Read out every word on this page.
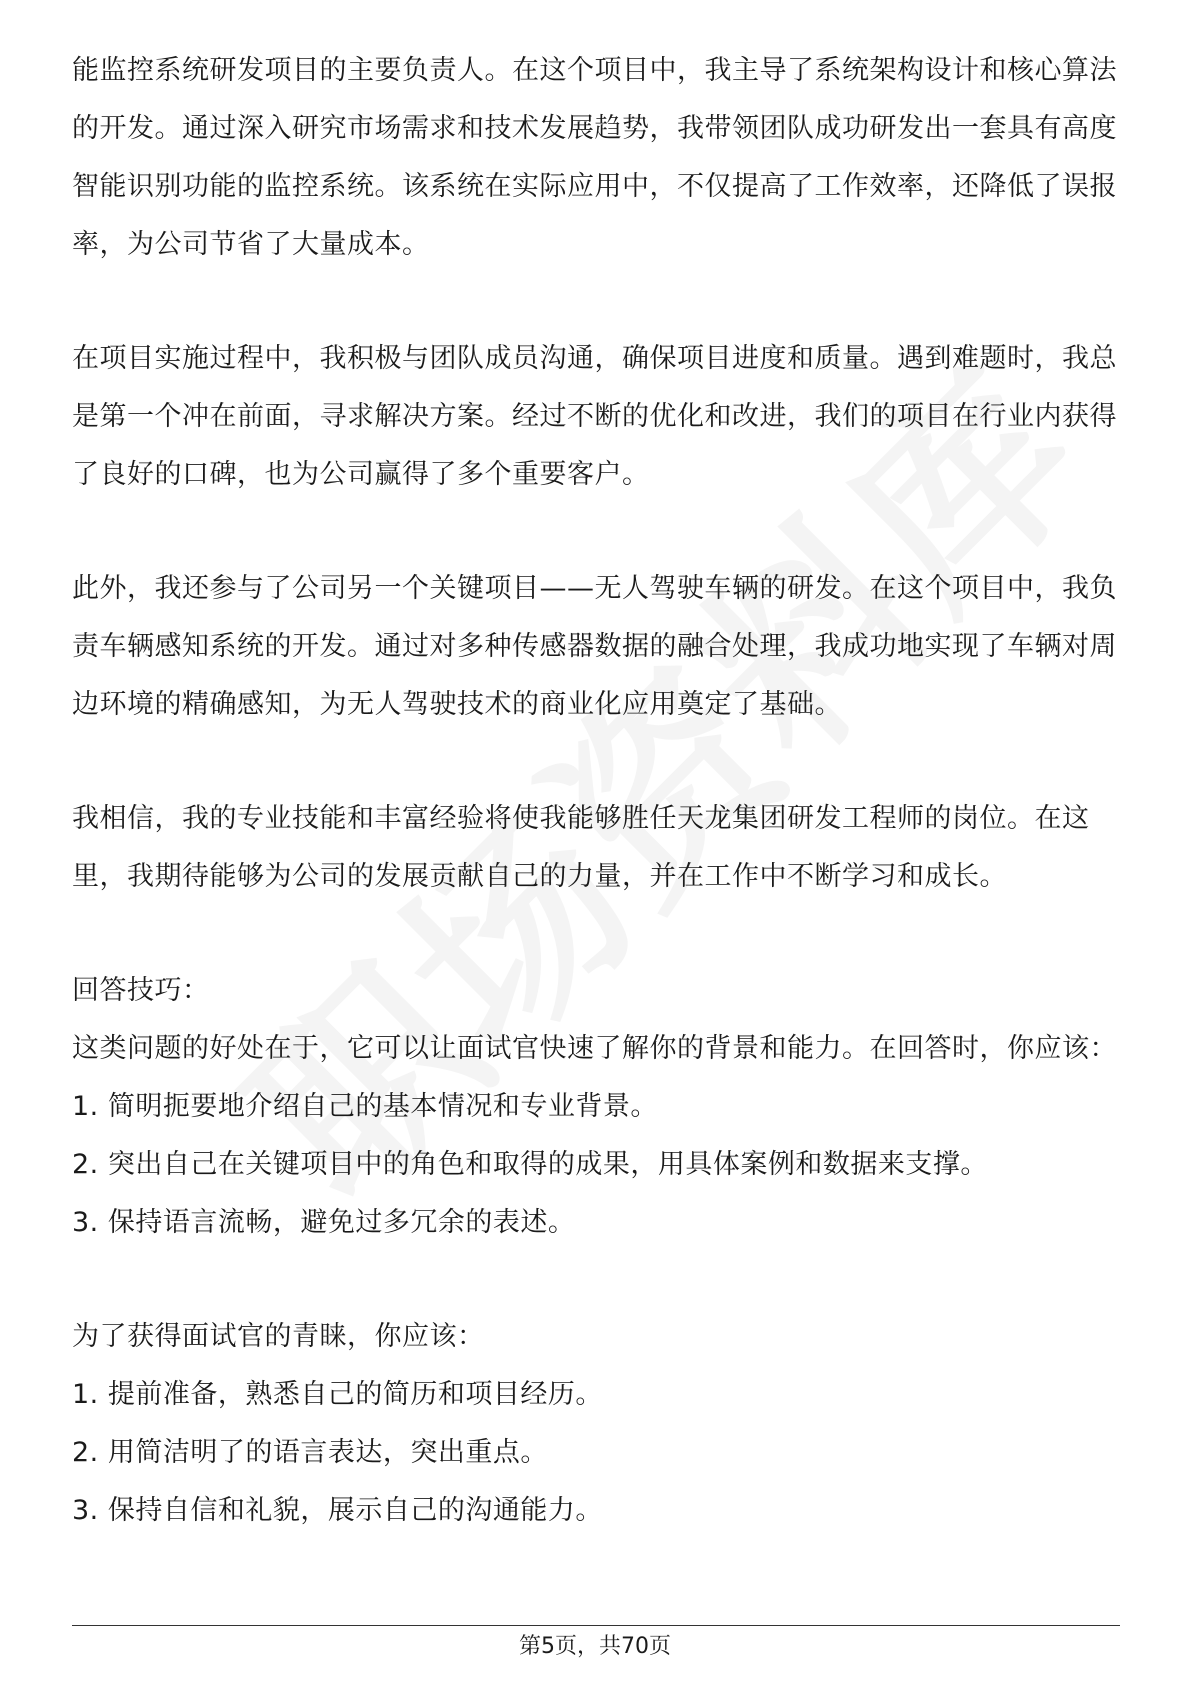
能监控系统研发项目的主要负责人。在这个项目中，我主导了系统架构设计和核心算法的开发。通过深入研究市场需求和技术发展趋势，我带领团队成功研发出一套具有高度智能识别功能的监控系统。该系统在实际应用中，不仅提高了工作效率，还降低了误报率，为公司节省了大量成本。

在项目实施过程中，我积极与团队成员沟通，确保项目进度和质量。遇到难题时，我总是第一个冲在前面，寻求解决方案。经过不断的优化和改进，我们的项目在行业内获得了良好的口碑，也为公司赢得了多个重要客户。

此外，我还参与了公司另一个关键项目——无人驾驶车辆的研发。在这个项目中，我负责车辆感知系统的开发。通过对多种传感器数据的融合处理，我成功地实现了车辆对周边环境的精确感知，为无人驾驶技术的商业化应用奠定了基础。

我相信，我的专业技能和丰富经验将使我能够胜任天龙集团研发工程师的岗位。在这里，我期待能够为公司的发展贡献自己的力量，并在工作中不断学习和成长。

回答技巧：

这类问题的好处在于，它可以让面试官快速了解你的背景和能力。在回答时，你应该：

1. 简明扼要地介绍自己的基本情况和专业背景。
2. 突出自己在关键项目中的角色和取得的成果，用具体案例和数据来支撑。
3. 保持语言流畅，避免过多冗余的表述。

为了获得面试官的青睐，你应该：

1. 提前准备，熟悉自己的简历和项目经历。
2. 用简洁明了的语言表达，突出重点。
3. 保持自信和礼貌，展示自己的沟通能力。
第5页，共70页
